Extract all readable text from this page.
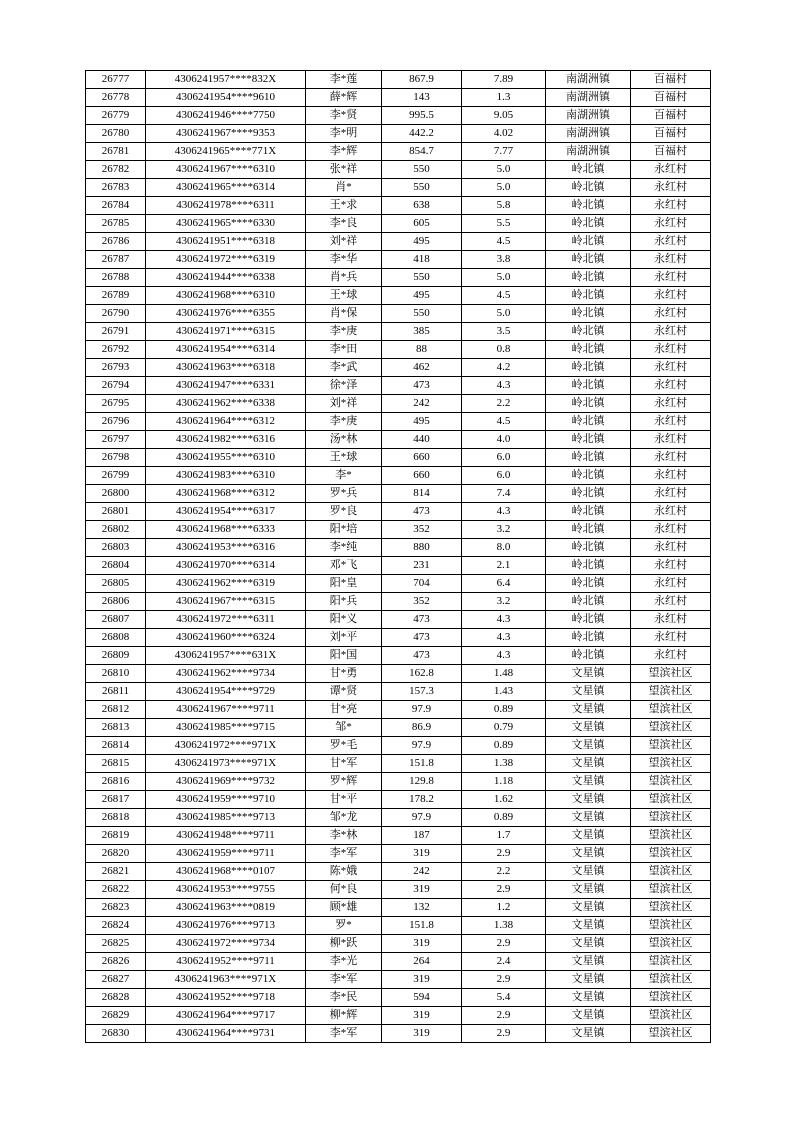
26777	4306241957****832X	李*莲	867.9	7.89	南湖洲镇	百福村
26778	4306241954****9610	薛*辉	143	1.3	南湖洲镇	百福村
26779	4306241946****7750	李*贤	995.5	9.05	南湖洲镇	百福村
26780	4306241967****9353	李*明	442.2	4.02	南湖洲镇	百福村
26781	4306241965****771X	李*辉	854.7	7.77	南湖洲镇	百福村
26782	4306241967****6310	张*祥	550	5.0	岭北镇	永红村
26783	4306241965****6314	肖*	550	5.0	岭北镇	永红村
26784	4306241978****6311	王*求	638	5.8	岭北镇	永红村
26785	4306241965****6330	李*良	605	5.5	岭北镇	永红村
26786	4306241951****6318	刘*祥	495	4.5	岭北镇	永红村
26787	4306241972****6319	李*华	418	3.8	岭北镇	永红村
26788	4306241944****6338	肖*兵	550	5.0	岭北镇	永红村
26789	4306241968****6310	王*球	495	4.5	岭北镇	永红村
26790	4306241976****6355	肖*保	550	5.0	岭北镇	永红村
26791	4306241971****6315	李*庚	385	3.5	岭北镇	永红村
26792	4306241954****6314	李*田	88	0.8	岭北镇	永红村
26793	4306241963****6318	李*武	462	4.2	岭北镇	永红村
26794	4306241947****6331	徐*泽	473	4.3	岭北镇	永红村
26795	4306241962****6338	刘*祥	242	2.2	岭北镇	永红村
26796	4306241964****6312	李*庚	495	4.5	岭北镇	永红村
26797	4306241982****6316	汤*林	440	4.0	岭北镇	永红村
26798	4306241955****6310	王*球	660	6.0	岭北镇	永红村
26799	4306241983****6310	李*	660	6.0	岭北镇	永红村
26800	4306241968****6312	罗*兵	814	7.4	岭北镇	永红村
26801	4306241954****6317	罗*良	473	4.3	岭北镇	永红村
26802	4306241968****6333	阳*培	352	3.2	岭北镇	永红村
26803	4306241953****6316	李*纯	880	8.0	岭北镇	永红村
26804	4306241970****6314	邓*飞	231	2.1	岭北镇	永红村
26805	4306241962****6319	阳*皇	704	6.4	岭北镇	永红村
26806	4306241967****6315	阳*兵	352	3.2	岭北镇	永红村
26807	4306241972****6311	阳*义	473	4.3	岭北镇	永红村
26808	4306241960****6324	刘*平	473	4.3	岭北镇	永红村
26809	4306241957****631X	阳*国	473	4.3	岭北镇	永红村
26810	4306241962****9734	甘*勇	162.8	1.48	文星镇	望滨社区
26811	4306241954****9729	谭*贤	157.3	1.43	文星镇	望滨社区
26812	4306241967****9711	甘*亮	97.9	0.89	文星镇	望滨社区
26813	4306241985****9715	邹*	86.9	0.79	文星镇	望滨社区
26814	4306241972****971X	罗*毛	97.9	0.89	文星镇	望滨社区
26815	4306241973****971X	甘*军	151.8	1.38	文星镇	望滨社区
26816	4306241969****9732	罗*辉	129.8	1.18	文星镇	望滨社区
26817	4306241959****9710	甘*平	178.2	1.62	文星镇	望滨社区
26818	4306241985****9713	邹*龙	97.9	0.89	文星镇	望滨社区
26819	4306241948****9711	李*林	187	1.7	文星镇	望滨社区
26820	4306241959****9711	李*军	319	2.9	文星镇	望滨社区
26821	4306241968****0107	陈*娥	242	2.2	文星镇	望滨社区
26822	4306241953****9755	何*良	319	2.9	文星镇	望滨社区
26823	4306241963****0819	顾*雄	132	1.2	文星镇	望滨社区
26824	4306241976****9713	罗*	151.8	1.38	文星镇	望滨社区
26825	4306241972****9734	柳*跃	319	2.9	文星镇	望滨社区
26826	4306241952****9711	李*光	264	2.4	文星镇	望滨社区
26827	4306241963****971X	李*军	319	2.9	文星镇	望滨社区
26828	4306241952****9718	李*民	594	5.4	文星镇	望滨社区
26829	4306241964****9717	柳*辉	319	2.9	文星镇	望滨社区
26830	4306241964****9731	李*军	319	2.9	文星镇	望滨社区
